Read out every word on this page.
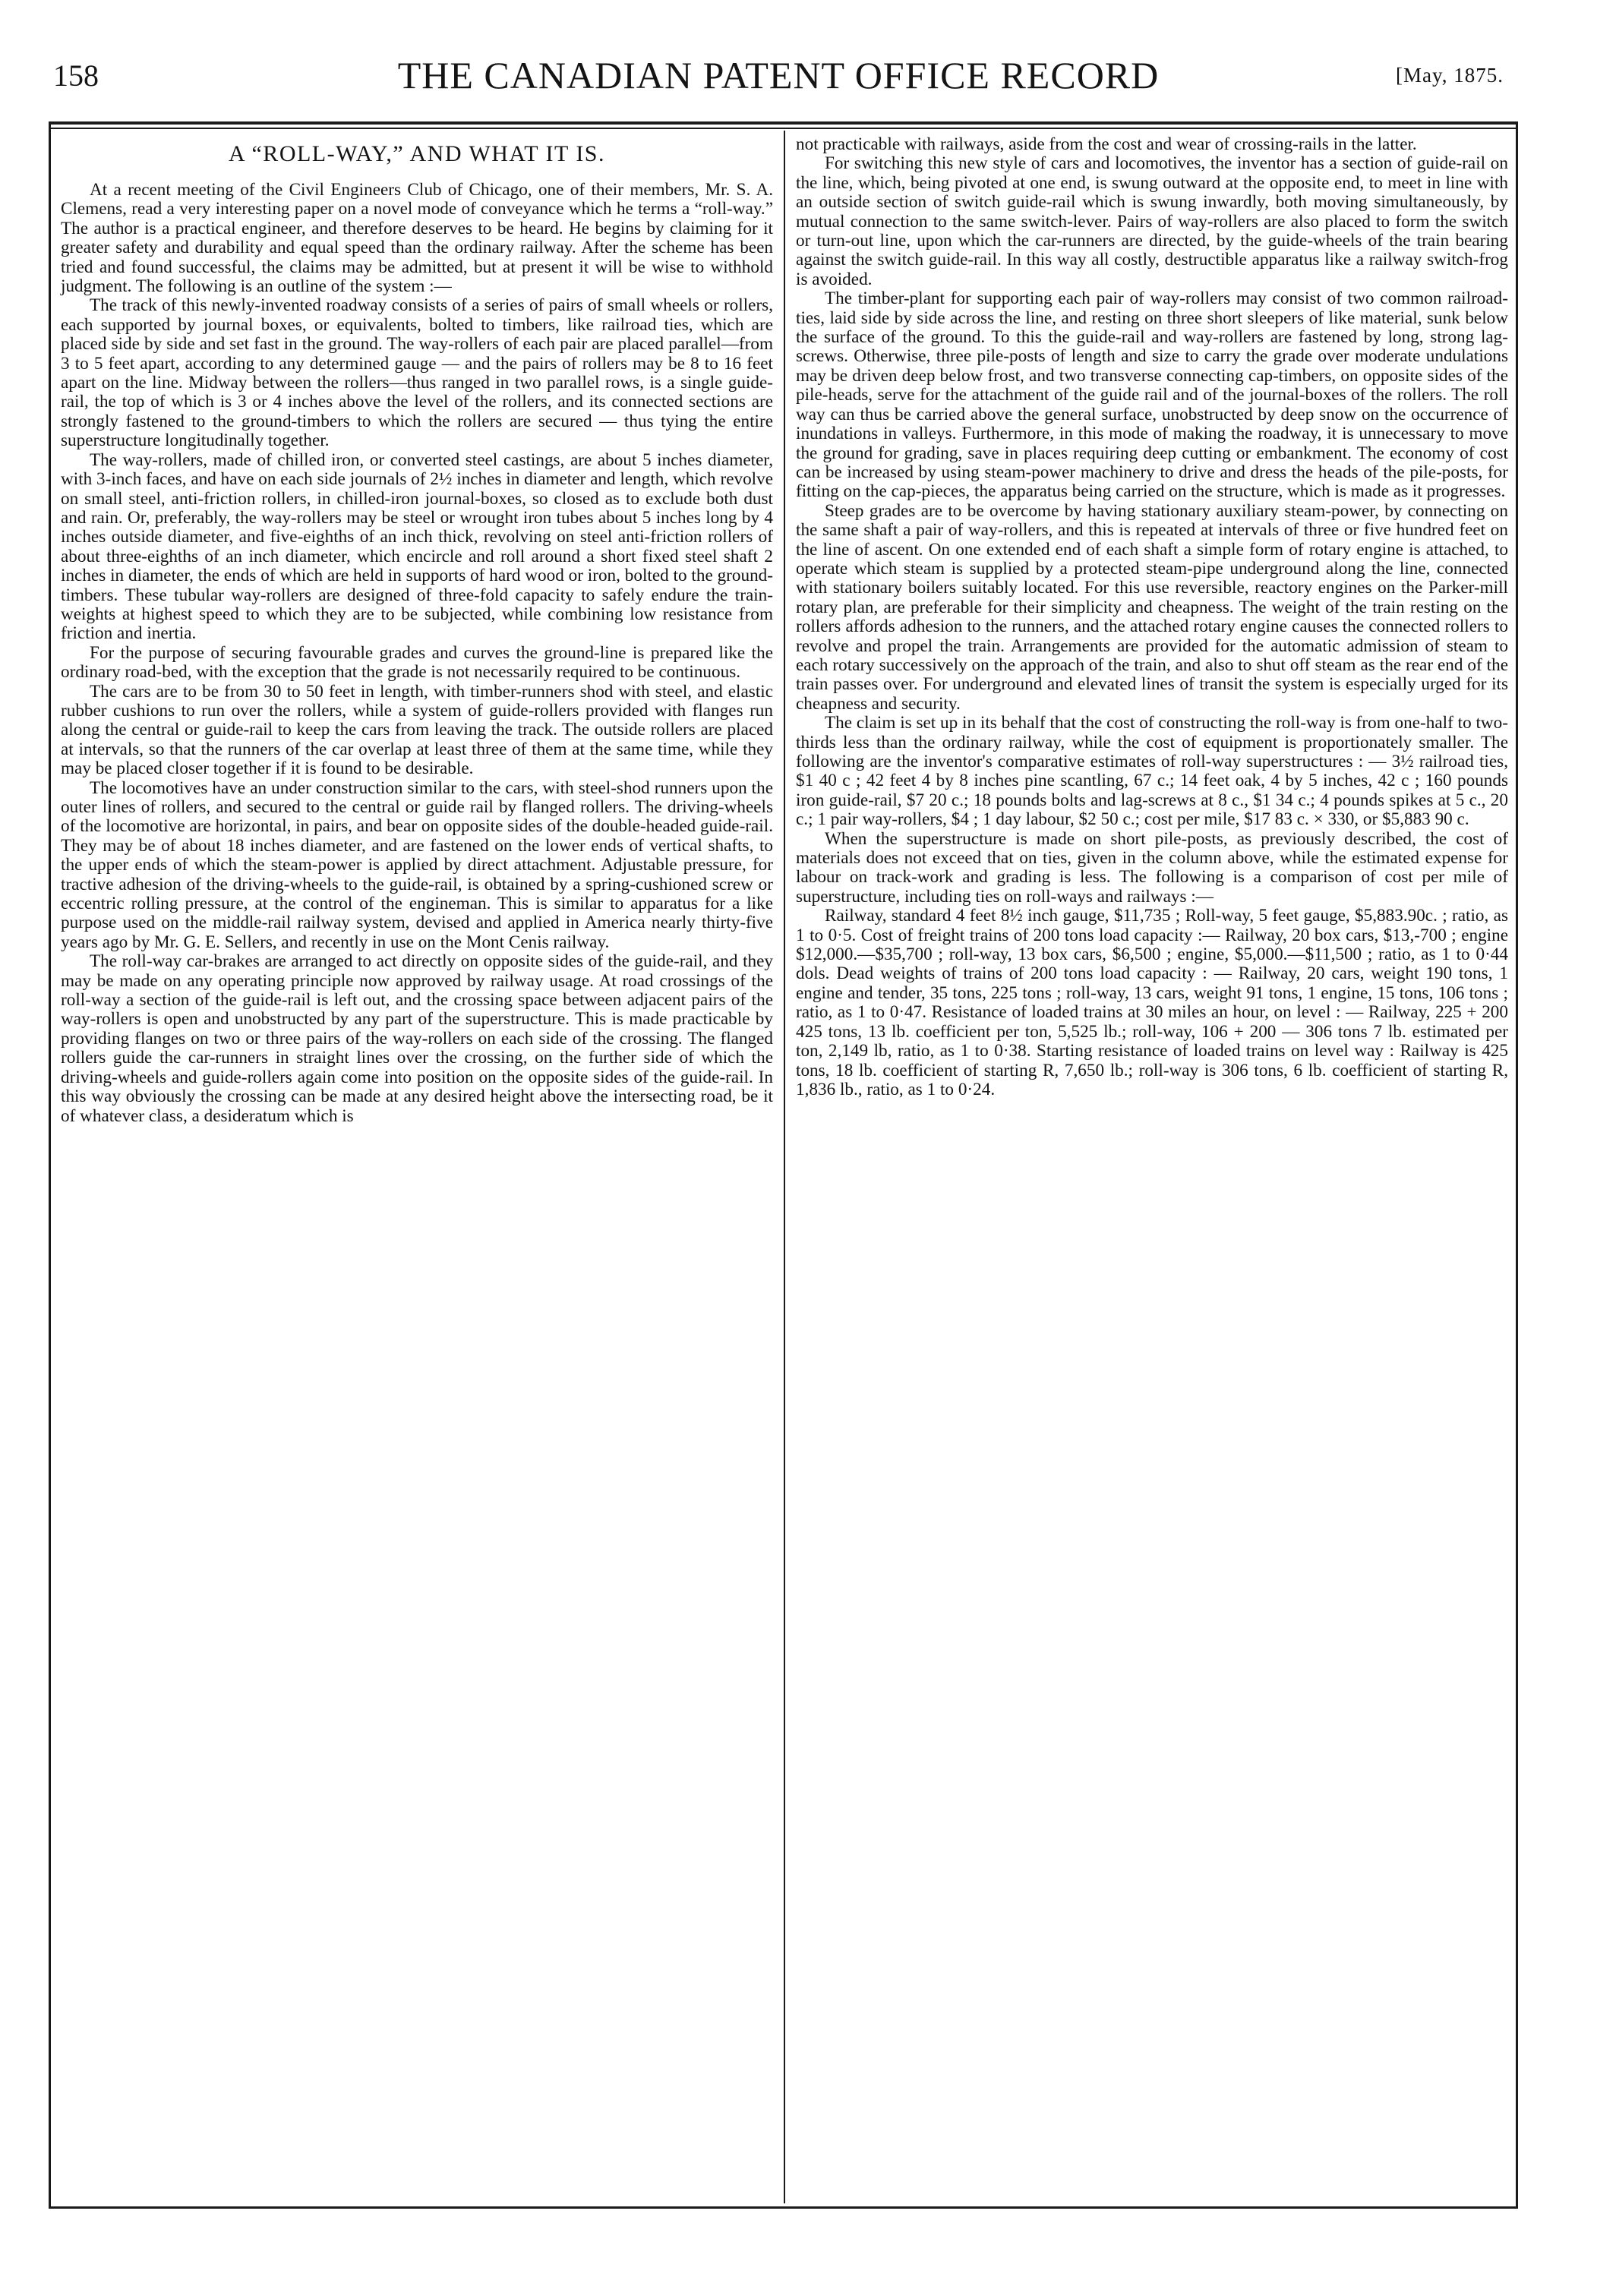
158	THE CANADIAN PATENT OFFICE RECORD	[May, 1875.
A “ROLL-WAY,” AND WHAT IT IS.

At a recent meeting of the Civil Engineers Club of Chicago, one of their members, Mr. S. A. Clemens, read a very interesting paper on a novel mode of conveyance which he terms a “roll-way.” The author is a practical engineer, and therefore deserves to be heard. He begins by claiming for it greater safety and durability and equal speed than the ordinary railway. After the scheme has been tried and found successful, the claims may be admitted, but at present it will be wise to withhold judgment. The following is an outline of the system :—

The track of this newly-invented roadway consists of a series of pairs of small wheels or rollers, each supported by journal boxes, or equivalents, bolted to timbers, like railroad ties, which are placed side by side and set fast in the ground. The way-rollers of each pair are placed parallel—from 3 to 5 feet apart, according to any determined gauge — and the pairs of rollers may be 8 to 16 feet apart on the line. Midway between the rollers—thus ranged in two parallel rows, is a single guide-rail, the top of which is 3 or 4 inches above the level of the rollers, and its connected sections are strongly fastened to the ground-timbers to which the rollers are secured — thus tying the entire superstructure longitudinally together.

The way-rollers, made of chilled iron, or converted steel castings, are about 5 inches diameter, with 3-inch faces, and have on each side journals of 2½ inches in diameter and length, which revolve on small steel, anti-friction rollers, in chilled-iron journal-boxes, so closed as to exclude both dust and rain. Or, preferably, the way-rollers may be steel or wrought iron tubes about 5 inches long by 4 inches outside diameter, and five-eighths of an inch thick, revolving on steel anti-friction rollers of about three-eighths of an inch diameter, which encircle and roll around a short fixed steel shaft 2 inches in diameter, the ends of which are held in supports of hard wood or iron, bolted to the ground-timbers. These tubular way-rollers are designed of three-fold capacity to safely endure the train-weights at highest speed to which they are to be subjected, while combining low resistance from friction and inertia.

For the purpose of securing favourable grades and curves the ground-line is prepared like the ordinary road-bed, with the exception that the grade is not necessarily required to be continuous.

The cars are to be from 30 to 50 feet in length, with timber-runners shod with steel, and elastic rubber cushions to run over the rollers, while a system of guide-rollers provided with flanges run along the central or guide-rail to keep the cars from leaving the track. The outside rollers are placed at intervals, so that the runners of the car overlap at least three of them at the same time, while they may be placed closer together if it is found to be desirable.

The locomotives have an under construction similar to the cars, with steel-shod runners upon the outer lines of rollers, and secured to the central or guide rail by flanged rollers. The driving-wheels of the locomotive are horizontal, in pairs, and bear on opposite sides of the double-headed guide-rail. They may be of about 18 inches diameter, and are fastened on the lower ends of vertical shafts, to the upper ends of which the steam-power is applied by direct attachment. Adjustable pressure, for tractive adhesion of the driving-wheels to the guide-rail, is obtained by a spring-cushioned screw or eccentric rolling pressure, at the control of the engineman. This is similar to apparatus for a like purpose used on the middle-rail railway system, devised and applied in America nearly thirty-five years ago by Mr. G. E. Sellers, and recently in use on the Mont Cenis railway.

The roll-way car-brakes are arranged to act directly on opposite sides of the guide-rail, and they may be made on any operating principle now approved by railway usage. At road crossings of the roll-way a section of the guide-rail is left out, and the crossing space between adjacent pairs of the way-rollers is open and unobstructed by any part of the superstructure. This is made practicable by providing flanges on two or three pairs of the way-rollers on each side of the crossing. The flanged rollers guide the car-runners in straight lines over the crossing, on the further side of which the driving-wheels and guide-rollers again come into position on the opposite sides of the guide-rail. In this way obviously the crossing can be made at any desired height above the intersecting road, be it of whatever class, a desideratum which is

not practicable with railways, aside from the cost and wear of crossing-rails in the latter.

For switching this new style of cars and locomotives, the inventor has a section of guide-rail on the line, which, being pivoted at one end, is swung outward at the opposite end, to meet in line with an outside section of switch guide-rail which is swung inwardly, both moving simultaneously, by mutual connection to the same switch-lever. Pairs of way-rollers are also placed to form the switch or turn-out line, upon which the car-runners are directed, by the guide-wheels of the train bearing against the switch guide-rail. In this way all costly, destructible apparatus like a railway switch-frog is avoided.

The timber-plant for supporting each pair of way-rollers may consist of two common railroad-ties, laid side by side across the line, and resting on three short sleepers of like material, sunk below the surface of the ground. To this the guide-rail and way-rollers are fastened by long, strong lag-screws. Otherwise, three pile-posts of length and size to carry the grade over moderate undulations may be driven deep below frost, and two transverse connecting cap-timbers, on opposite sides of the pile-heads, serve for the attachment of the guide rail and of the journal-boxes of the rollers. The roll way can thus be carried above the general surface, unobstructed by deep snow on the occurrence of inundations in valleys. Furthermore, in this mode of making the roadway, it is unnecessary to move the ground for grading, save in places requiring deep cutting or embankment. The economy of cost can be increased by using steam-power machinery to drive and dress the heads of the pile-posts, for fitting on the cap-pieces, the apparatus being carried on the structure, which is made as it progresses.

Steep grades are to be overcome by having stationary auxiliary steam-power, by connecting on the same shaft a pair of way-rollers, and this is repeated at intervals of three or five hundred feet on the line of ascent. On one extended end of each shaft a simple form of rotary engine is attached, to operate which steam is supplied by a protected steam-pipe underground along the line, connected with stationary boilers suitably located. For this use reversible, reactory engines on the Parker-mill rotary plan, are preferable for their simplicity and cheapness. The weight of the train resting on the rollers affords adhesion to the runners, and the attached rotary engine causes the connected rollers to revolve and propel the train. Arrangements are provided for the automatic admission of steam to each rotary successively on the approach of the train, and also to shut off steam as the rear end of the train passes over. For underground and elevated lines of transit the system is especially urged for its cheapness and security.

The claim is set up in its behalf that the cost of constructing the roll-way is from one-half to two-thirds less than the ordinary railway, while the cost of equipment is proportionately smaller. The following are the inventor's comparative estimates of roll-way superstructures : — 3½ railroad ties, $1 40 c ; 42 feet 4 by 8 inches pine scantling, 67 c.; 14 feet oak, 4 by 5 inches, 42 c ; 160 pounds iron guide-rail, $7 20 c.; 18 pounds bolts and lag-screws at 8 c., $1 34 c.; 4 pounds spikes at 5 c., 20 c.; 1 pair way-rollers, $4 ; 1 day labour, $2 50 c.; cost per mile, $17 83 c. × 330, or $5,883 90 c.

When the superstructure is made on short pile-posts, as previously described, the cost of materials does not exceed that on ties, given in the column above, while the estimated expense for labour on track-work and grading is less. The following is a comparison of cost per mile of superstructure, including ties on roll-ways and railways :—

Railway, standard 4 feet 8½ inch gauge, $11,735 ; Roll-way, 5 feet gauge, $5,883.90c. ; ratio, as 1 to 0·5. Cost of freight trains of 200 tons load capacity :— Railway, 20 box cars, $13,-700 ; engine $12,000.—$35,700 ; roll-way, 13 box cars, $6,500 ; engine, $5,000.—$11,500 ; ratio, as 1 to 0·44 dols. Dead weights of trains of 200 tons load capacity : — Railway, 20 cars, weight 190 tons, 1 engine and tender, 35 tons, 225 tons ; roll-way, 13 cars, weight 91 tons, 1 engine, 15 tons, 106 tons ; ratio, as 1 to 0·47. Resistance of loaded trains at 30 miles an hour, on level : — Railway, 225 + 200 425 tons, 13 lb. coefficient per ton, 5,525 lb.; roll-way, 106 + 200 — 306 tons 7 lb. estimated per ton, 2,149 lb, ratio, as 1 to 0·38. Starting resistance of loaded trains on level way : Railway is 425 tons, 18 lb. coefficient of starting R, 7,650 lb.; roll-way is 306 tons, 6 lb. coefficient of starting R, 1,836 lb., ratio, as 1 to 0·24.
